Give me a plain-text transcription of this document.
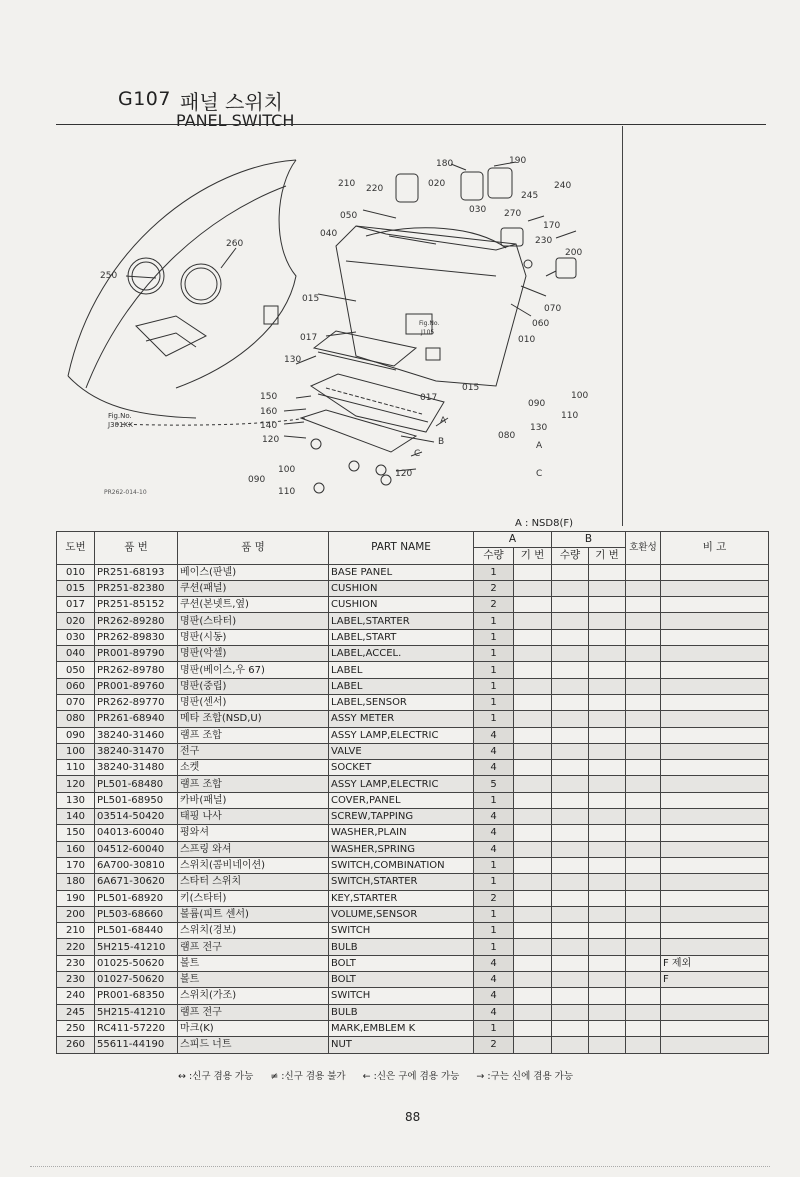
G107 패널 스위치
PANEL SWITCH
180	190
210 220	020
245
240
030
050	270
170
040
230
260
200
250
015
070
060
017
Fig.No.
J105
010
130
015
017	100
150
090
110
160
A
140	130
120	B
080
A
C
100
C
120
090
110
Fig.No.
J301XX
PR262-014-10
A : NSD8(F)
도번	품 번	품 명	PART NAME	A		B		호환성	비 고
				수량	기 번	수량	기 번		
010	PR251-68193	베이스(판넬)	BASE PANEL	1					
015	PR251-82380	쿠션(패널)	CUSHION	2					
017	PR251-85152	쿠션(본넷트,옆)	CUSHION	2					
020	PR262-89280	명판(스타터)	LABEL,STARTER	1					
030	PR262-89830	명판(시동)	LABEL,START	1					
040	PR001-89790	명판(악셀)	LABEL,ACCEL.	1					
050	PR262-89780	명판(베이스,우 67)	LABEL	1					
060	PR001-89760	명판(중립)	LABEL	1					
070	PR262-89770	명판(센서)	LABEL,SENSOR	1					
080	PR261-68940	메타 조합(NSD,U)	ASSY METER	1					
090	38240-31460	램프 조합	ASSY LAMP,ELECTRIC	4					
100	38240-31470	전구	VALVE	4					
110	38240-31480	소켓	SOCKET	4					
120	PL501-68480	램프 조합	ASSY LAMP,ELECTRIC	5					
130	PL501-68950	카바(패널)	COVER,PANEL	1					
140	03514-50420	태핑 나사	SCREW,TAPPING	4					
150	04013-60040	평와셔	WASHER,PLAIN	4					
160	04512-60040	스프링 와셔	WASHER,SPRING	4					
170	6A700-30810	스위치(콤비네이션)	SWITCH,COMBINATION	1					
180	6A671-30620	스타터 스위치	SWITCH,STARTER	1					
190	PL501-68920	키(스타터)	KEY,STARTER	2					
200	PL503-68660	볼륨(피트 센서)	VOLUME,SENSOR	1					
210	PL501-68440	스위치(경보)	SWITCH	1					
220	5H215-41210	램프 전구	BULB	1					
230	01025-50620	볼트	BOLT	4					F 제외
230	01027-50620	볼트	BOLT	4					F
240	PR001-68350	스위치(가조)	SWITCH	4					
245	5H215-41210	램프 전구	BULB	4					
250	RC411-57220	마크(K)	MARK,EMBLEM K	1					
260	55611-44190	스피드 너트	NUT	2					
↔ :신구 겸용 가능 ≠ :신구 겸용 불가 ← :신은 구에 겸용 가능 → :구는 신에 겸용 가능
88
